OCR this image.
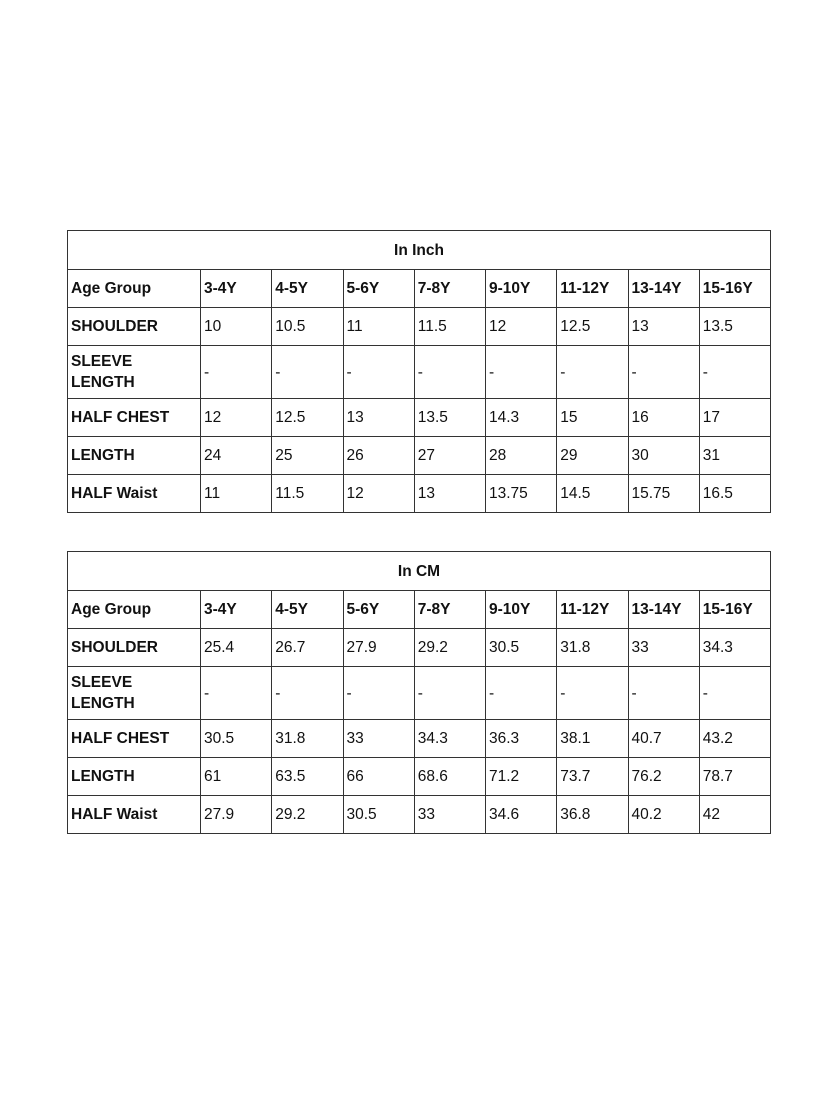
In Inch								
Age Group	3-4Y	4-5Y	5-6Y	7-8Y	9-10Y	11-12Y	13-14Y	15-16Y
SHOULDER	10	10.5	11	11.5	12	12.5	13	13.5
SLEEVE LENGTH	-	-	-	-	-	-	-	-
HALF CHEST	12	12.5	13	13.5	14.3	15	16	17
LENGTH	24	25	26	27	28	29	30	31
HALF Waist	11	11.5	12	13	13.75	14.5	15.75	16.5
In CM								
Age Group	3-4Y	4-5Y	5-6Y	7-8Y	9-10Y	11-12Y	13-14Y	15-16Y
SHOULDER	25.4	26.7	27.9	29.2	30.5	31.8	33	34.3
SLEEVE LENGTH	-	-	-	-	-	-	-	-
HALF CHEST	30.5	31.8	33	34.3	36.3	38.1	40.7	43.2
LENGTH	61	63.5	66	68.6	71.2	73.7	76.2	78.7
HALF Waist	27.9	29.2	30.5	33	34.6	36.8	40.2	42
